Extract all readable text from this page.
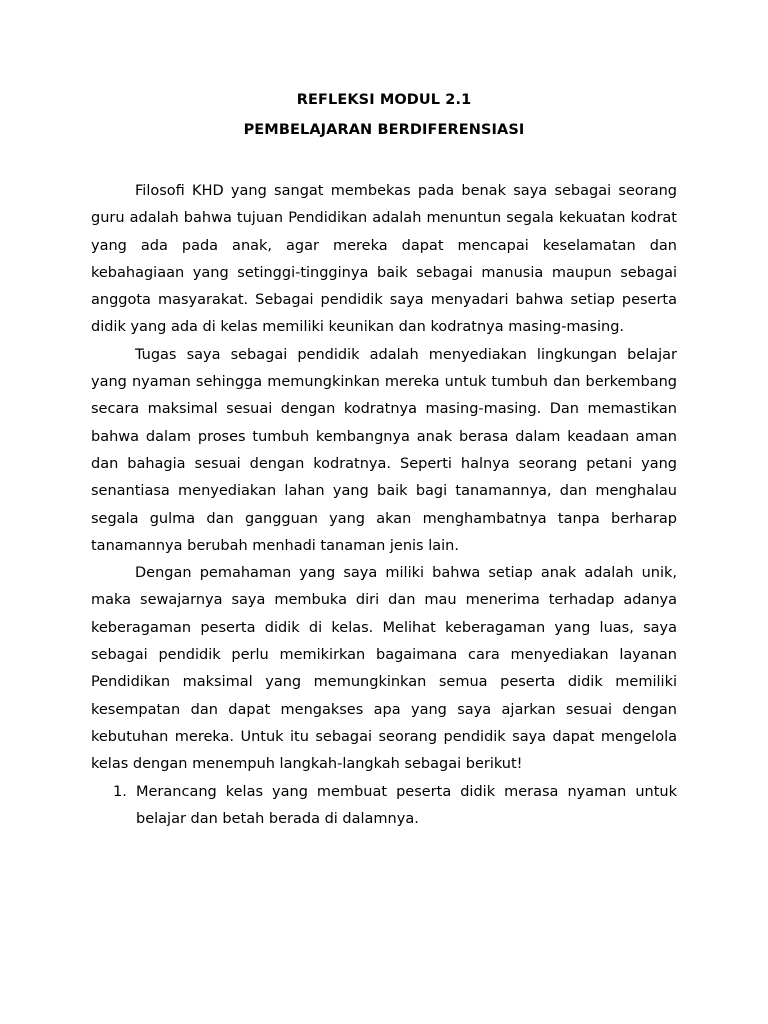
REFLEKSI MODUL 2.1
PEMBELAJARAN BERDIFERENSIASI

Filosofi KHD yang sangat membekas pada benak saya sebagai seorang guru adalah bahwa tujuan Pendidikan adalah menuntun segala kekuatan kodrat yang ada pada anak, agar mereka dapat mencapai keselamatan dan kebahagiaan yang setinggi-tingginya baik sebagai manusia maupun sebagai anggota masyarakat. Sebagai pendidik saya menyadari bahwa setiap peserta didik yang ada di kelas memiliki keunikan dan kodratnya masing-masing.

Tugas saya sebagai pendidik adalah menyediakan lingkungan belajar yang nyaman sehingga memungkinkan mereka untuk tumbuh dan berkembang secara maksimal sesuai dengan kodratnya masing-masing. Dan memastikan bahwa dalam proses tumbuh kembangnya anak berasa dalam keadaan aman dan bahagia sesuai dengan kodratnya. Seperti halnya seorang petani yang senantiasa menyediakan lahan yang baik bagi tanamannya, dan menghalau segala gulma dan gangguan yang akan menghambatnya tanpa berharap tanamannya berubah menhadi tanaman jenis lain.

Dengan pemahaman yang saya miliki bahwa setiap anak adalah unik, maka sewajarnya saya membuka diri dan mau menerima terhadap adanya keberagaman peserta didik di kelas. Melihat keberagaman yang luas, saya sebagai pendidik perlu memikirkan bagaimana cara menyediakan layanan Pendidikan maksimal yang memungkinkan semua peserta didik memiliki kesempatan dan dapat mengakses apa yang saya ajarkan sesuai dengan kebutuhan mereka. Untuk itu sebagai seorang pendidik saya dapat mengelola kelas dengan menempuh langkah-langkah sebagai berikut!

1. Merancang kelas yang membuat peserta didik merasa nyaman untuk belajar dan betah berada di dalamnya.
